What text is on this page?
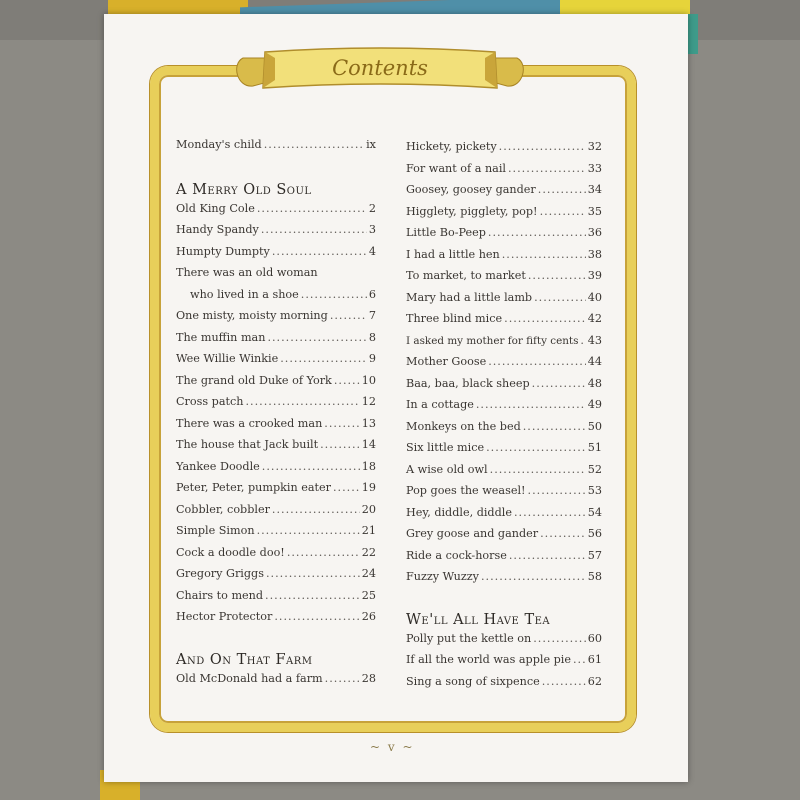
Contents
Monday's child .....	ix
A Merry Old Soul
Old King Cole .....	2
Handy Spandy .....	3
Humpty Dumpty .....	4
There was an old woman
who lived in a shoe .....	6
One misty, moisty morning .....	7
The muffin man .....	8
Wee Willie Winkie .....	9
The grand old Duke of York .....	10
Cross patch .....	12
There was a crooked man .....	13
The house that Jack built .....	14
Yankee Doodle .....	18
Peter, Peter, pumpkin eater .....	19
Cobbler, cobbler .....	20
Simple Simon .....	21
Cock a doodle doo! .....	22
Gregory Griggs .....	24
Chairs to mend .....	25
Hector Protector .....	26
And On That Farm
Old McDonald had a farm .....	28
Hickety, pickety .....	32
For want of a nail .....	33
Goosey, goosey gander .....	34
Higglety, pigglety, pop! .....	35
Little Bo-Peep .....	36
I had a little hen .....	38
To market, to market .....	39
Mary had a little lamb .....	40
Three blind mice .....	42
I asked my mother for fifty cents ..... 43
Mother Goose .....	44
Baa, baa, black sheep .....	48
In a cottage .....	49
Monkeys on the bed .....	50
Six little mice .....	51
A wise old owl .....	52
Pop goes the weasel! .....	53
Hey, diddle, diddle .....	54
Grey goose and gander .....	56
Ride a cock-horse .....	57
Fuzzy Wuzzy .....	58
We'll All Have Tea
Polly put the kettle on .....	60
If all the world was apple pie ..... 61
Sing a song of sixpence .....	62
~ v ~
